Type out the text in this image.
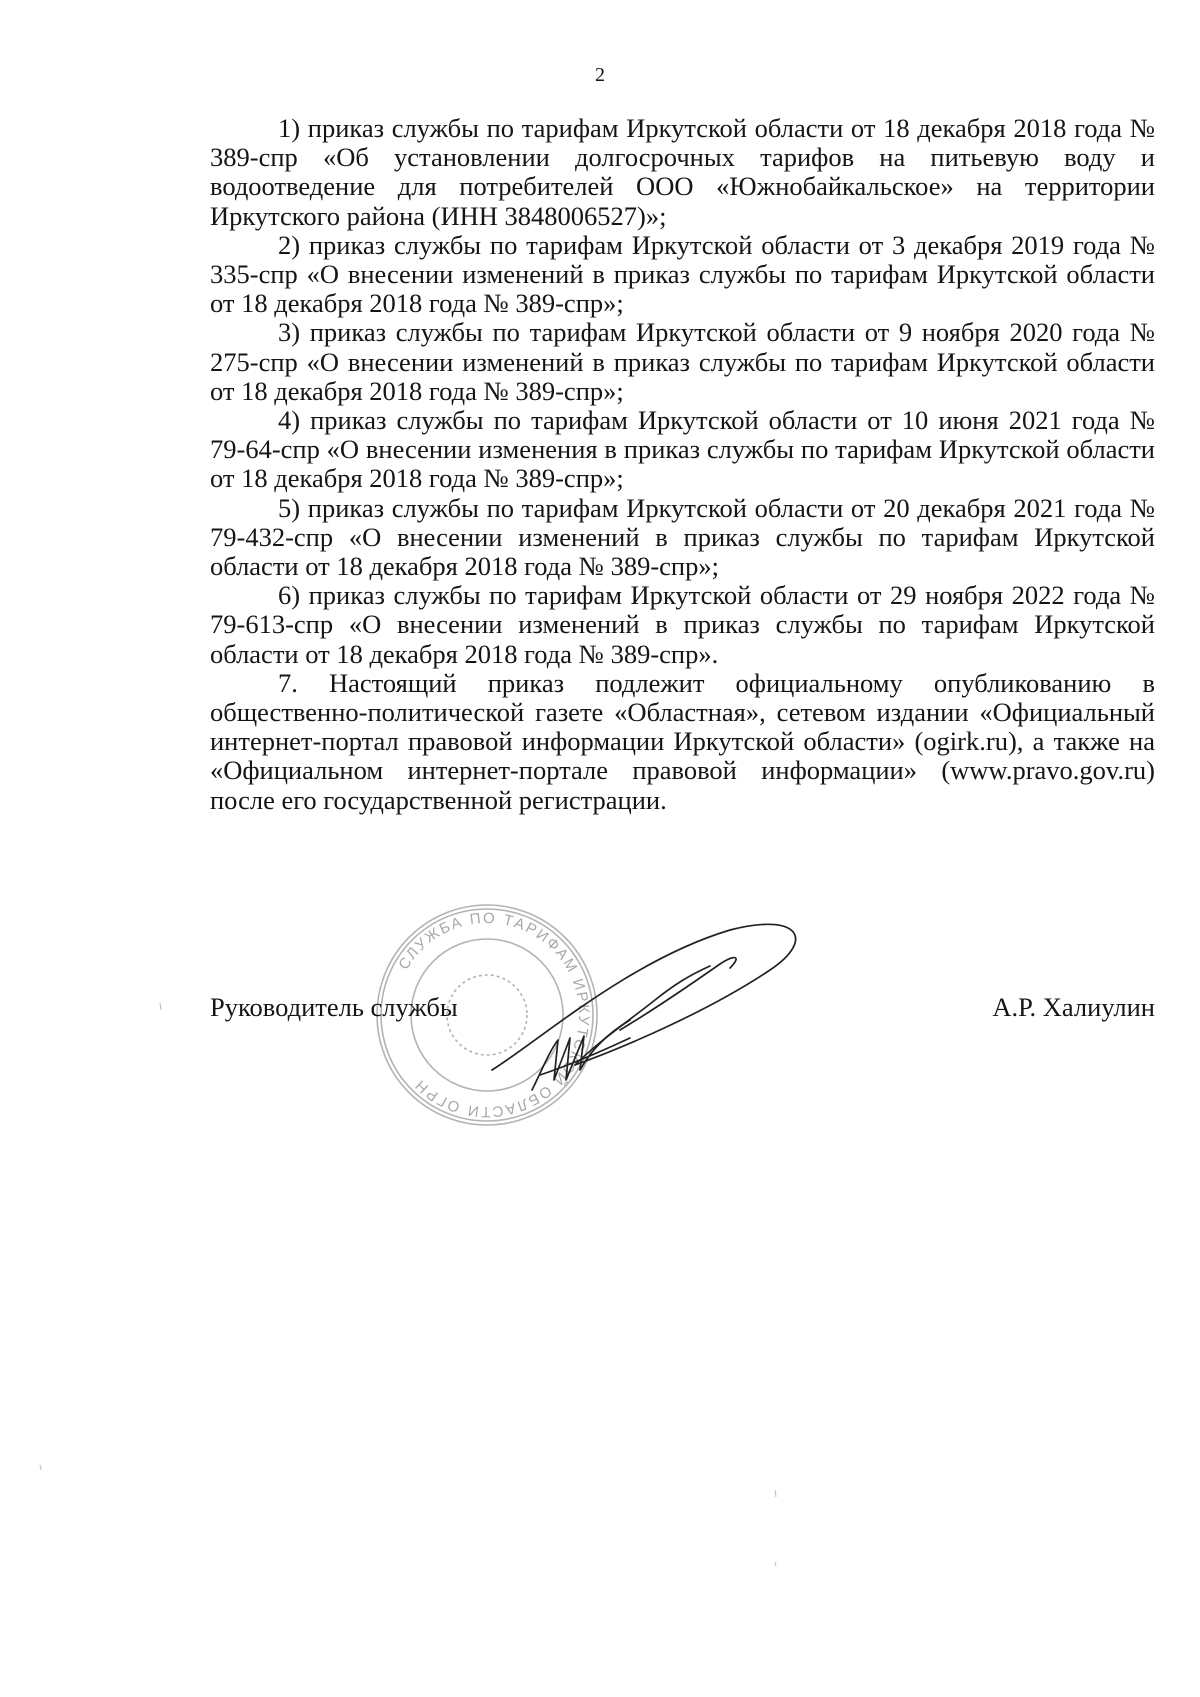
2

1) приказ службы по тарифам Иркутской области от 18 декабря 2018 года № 389-спр «Об установлении долгосрочных тарифов на питьевую воду и водоотведение для потребителей ООО «Южнобайкальское» на территории Иркутского района (ИНН 3848006527)»;

2) приказ службы по тарифам Иркутской области от 3 декабря 2019 года № 335-спр «О внесении изменений в приказ службы по тарифам Иркутской области от 18 декабря 2018 года № 389-спр»;

3) приказ службы по тарифам Иркутской области от 9 ноября 2020 года № 275-спр «О внесении изменений в приказ службы по тарифам Иркутской области от 18 декабря 2018 года № 389-спр»;

4) приказ службы по тарифам Иркутской области от 10 июня 2021 года № 79-64-спр «О внесении изменения в приказ службы по тарифам Иркутской области от 18 декабря 2018 года № 389-спр»;

5) приказ службы по тарифам Иркутской области от 20 декабря 2021 года № 79-432-спр «О внесении изменений в приказ службы по тарифам Иркутской области от 18 декабря 2018 года № 389-спр»;

6) приказ службы по тарифам Иркутской области от 29 ноября 2022 года № 79-613-спр «О внесении изменений в приказ службы по тарифам Иркутской области от 18 декабря 2018 года № 389-спр».

7. Настоящий приказ подлежит официальному опубликованию в общественно-политической газете «Областная», сетевом издании «Официальный интернет-портал правовой информации Иркутской области» (ogirk.ru), а также на «Официальном интернет-портале правовой информации» (www.pravo.gov.ru) после его государственной регистрации.

СЛУЖБА ПО ТАРИФАМ ИРКУТСКОЙ ОБЛАСТИ ОГРН
Руководитель службы	А.Р. Халиулин
